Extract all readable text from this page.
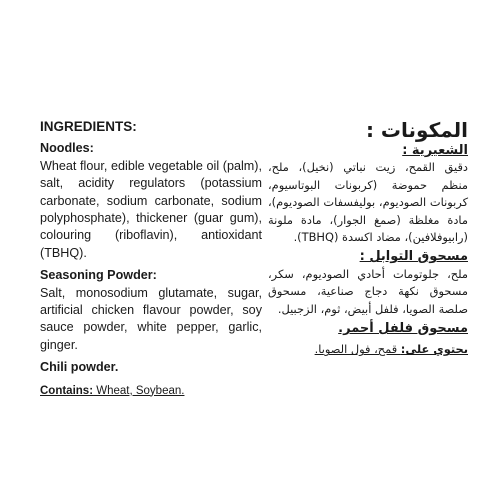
INGREDIENTS:
Noodles:
Wheat flour, edible vegetable oil (palm), salt, acidity regulators (potassium carbonate, sodium carbonate, sodium polyphosphate), thickener (guar gum), colouring (riboflavin), antioxidant (TBHQ).
Seasoning Powder:
Salt, monosodium glutamate, sugar, artificial chicken flavour powder, soy sauce powder, white pepper, garlic, ginger.
Chili powder.
Contains: Wheat, Soybean.
المكونات :
الشعيرية :
دقيق القمح، زيت نباتي (نخيل)، ملح، منظم حموضة (كربونات البوتاسيوم، كربونات الصوديوم، بوليفسفات الصوديوم)، مادة مغلظة (صمغ الجوار)، مادة ملونة (رابيوفلافين)، مضاد اكسدة (TBHQ).
مسحوق التوابل :
ملح، جلوتومات أحادي الصوديوم، سكر، مسحوق نكهة دجاج صناعية، مسحوق صلصة الصويا، فلفل أبيض، ثوم، الزجبيل.
مسحوق فلفل أحمر.
يحتوي على: قمح، فول الصويا.
